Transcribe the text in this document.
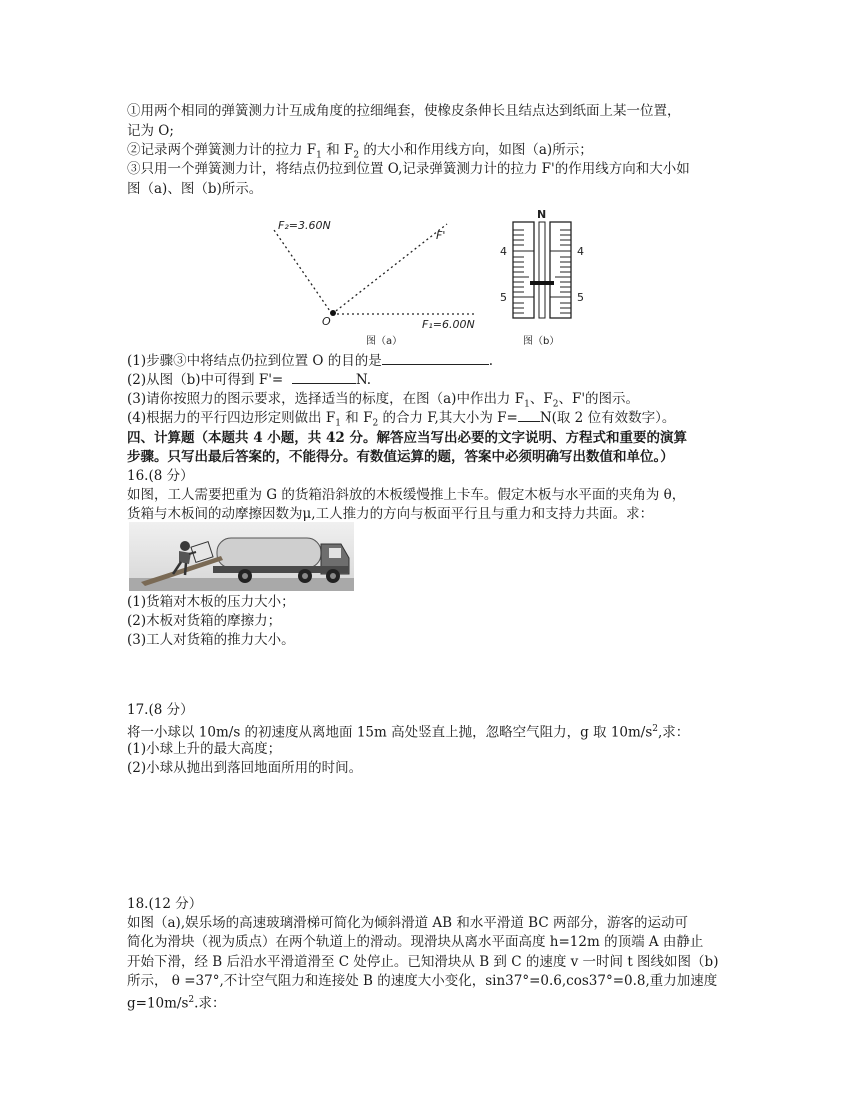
①用两个相同的弹簧测力计互成角度的拉细绳套，使橡皮条伸长且结点达到纸面上某一位置，
记为 O;
②记录两个弹簧测力计的拉力 $F_1$ 和 $F_2$ 的大小和作用线方向，如图（a)所示；
③只用一个弹簧测力计，将结点仍拉到位置 O,记录弹簧测力计的拉力 F'的作用线方向和大小如
图（a)、图（b)所示。
F₂=3.60N
F'
O	F₁=6.00N
图（a）
N
4	4
5	5
图（b）
(1)步骤③中将结点仍拉到位置 O 的目的是	.
(2)从图（b)中可得到 F'=	N.
(3)请你按照力的图示要求，选择适当的标度，在图（a)中作出力 $F_1$、$F_2$、F'的图示。
(4)根据力的平行四边形定则做出 $F_1$ 和 $F_2$ 的合力 F,其大小为 F= N(取 2 位有效数字）。
四、计算题（本题共 4 小题，共 42 分。解答应当写出必要的文字说明、方程式和重要的演算
步骤。只写出最后答案的，不能得分。有数值运算的题，答案中必须明确写出数值和单位。）
16.(8 分）
如图，工人需要把重为 G 的货箱沿斜放的木板缓慢推上卡车。假定木板与水平面的夹角为 θ，
货箱与木板间的动摩擦因数为μ,工人推力的方向与板面平行且与重力和支持力共面。求：
(1)货箱对木板的压力大小；
(2)木板对货箱的摩擦力；
(3)工人对货箱的推力大小。
17.(8 分）
将一小球以 10m/s 的初速度从离地面 15m 高处竖直上抛，忽略空气阻力，g 取 $10m/s^2$,求：
(1)小球上升的最大高度；
(2)小球从抛出到落回地面所用的时间。
18.(12 分）
如图（a),娱乐场的高速玻璃滑梯可简化为倾斜滑道 AB 和水平滑道 BC 两部分，游客的运动可
简化为滑块（视为质点）在两个轨道上的滑动。现滑块从离水平面高度 h=12m 的顶端 A 由静止
开始下滑，经 B 后沿水平滑道滑至 C 处停止。已知滑块从 B 到 C 的速度 v 一时间 t 图线如图（b)
所示， θ =37°,不计空气阻力和连接处 B 的速度大小变化，sin37°=0.6,cos37°=0.8,重力加速度
$g=10m/s^2$.求：
